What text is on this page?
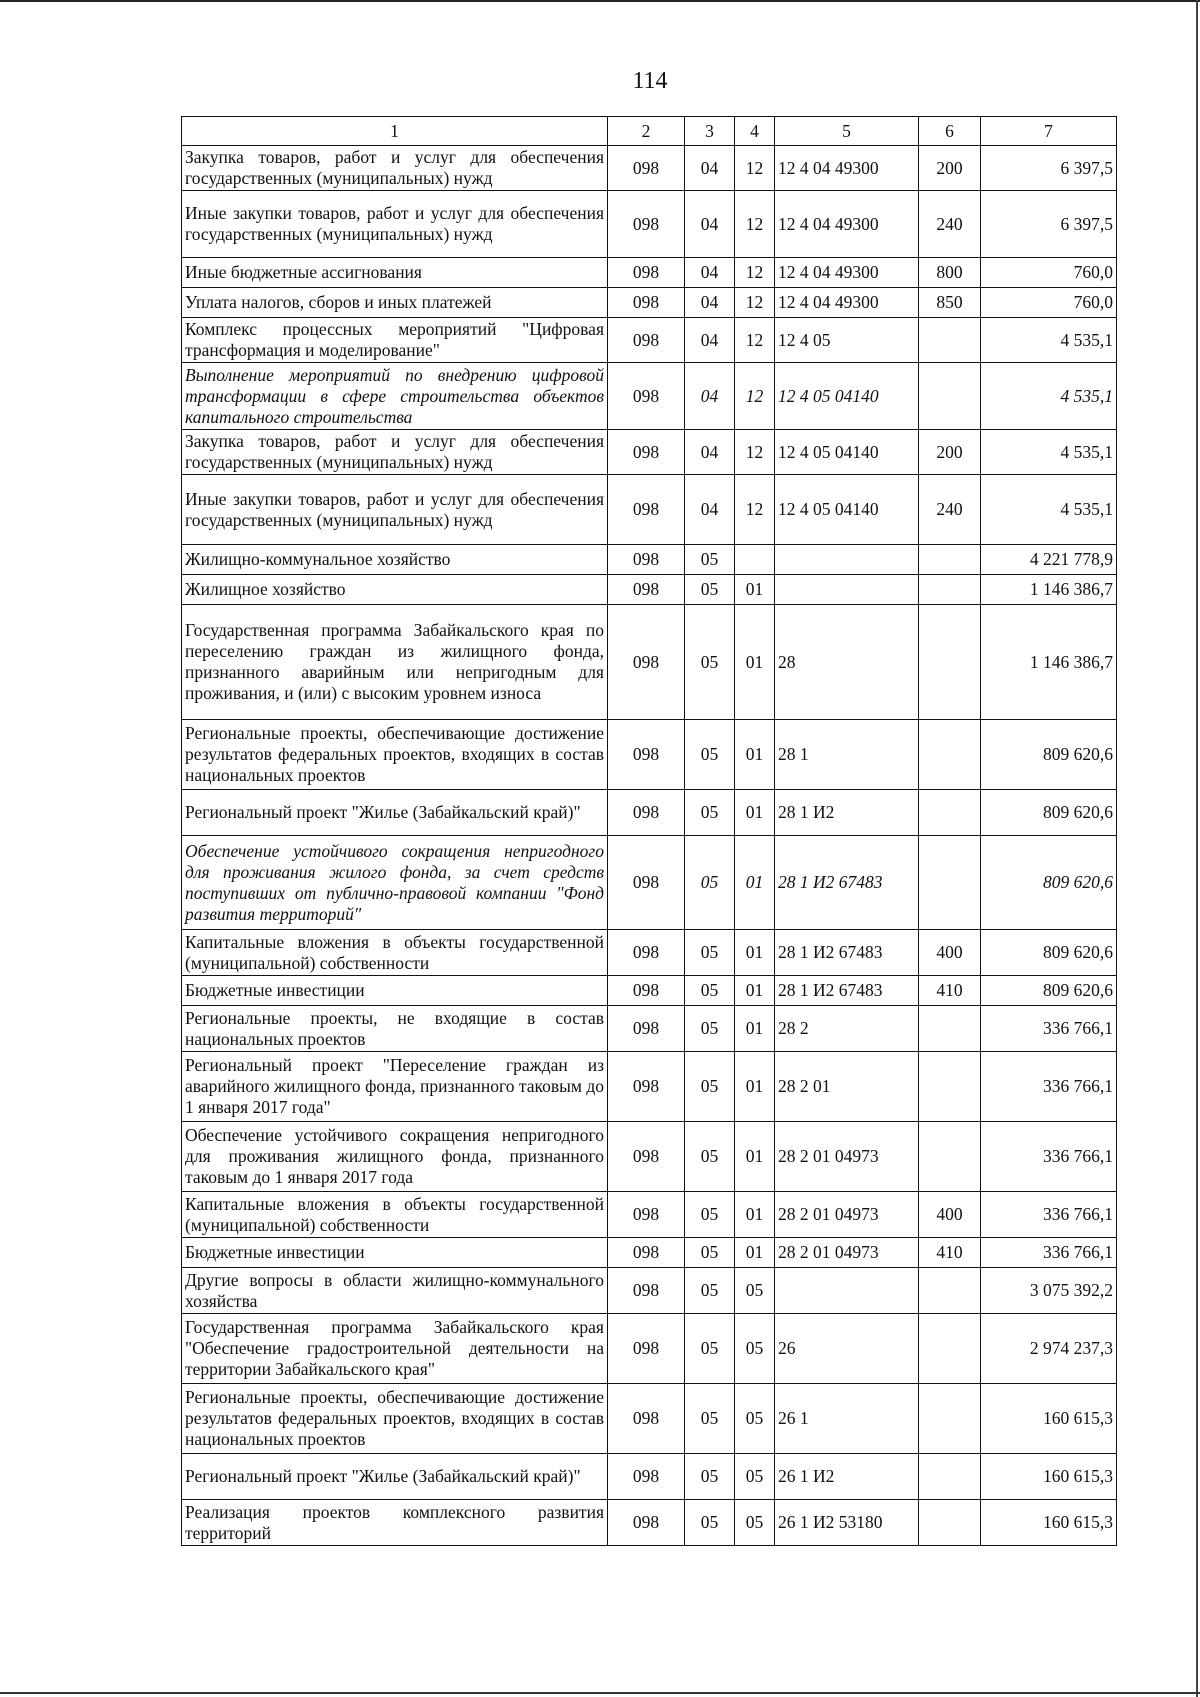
114
1	2	3	4	5	6	7
Закупка товаров, работ и услуг для обеспечения государственных (муниципальных) нужд	098	04	12	12 4 04 49300	200	6 397,5
Иные закупки товаров, работ и услуг для обеспечения государственных (муниципальных) нужд	098	04	12	12 4 04 49300	240	6 397,5
Иные бюджетные ассигнования	098	04	12	12 4 04 49300	800	760,0
Уплата налогов, сборов и иных платежей	098	04	12	12 4 04 49300	850	760,0
Комплекс процессных мероприятий "Цифровая трансформация и моделирование"	098	04	12	12 4 05		4 535,1
Выполнение мероприятий по внедрению цифровой трансформации в сфере строительства объектов капитального строительства	098	04	12	12 4 05 04140		4 535,1
Закупка товаров, работ и услуг для обеспечения государственных (муниципальных) нужд	098	04	12	12 4 05 04140	200	4 535,1
Иные закупки товаров, работ и услуг для обеспечения государственных (муниципальных) нужд	098	04	12	12 4 05 04140	240	4 535,1
Жилищно-коммунальное хозяйство	098	05				4 221 778,9
Жилищное хозяйство	098	05	01			1 146 386,7
Государственная программа Забайкальского края по переселению граждан из жилищного фонда, признанного аварийным или непригодным для проживания, и (или) с высоким уровнем износа	098	05	01	28		1 146 386,7
Региональные проекты, обеспечивающие достижение результатов федеральных проектов, входящих в состав национальных проектов	098	05	01	28 1		809 620,6
Региональный проект "Жилье (Забайкальский край)"	098	05	01	28 1 И2		809 620,6
Обеспечение устойчивого сокращения непригодного для проживания жилого фонда, за счет средств поступивших от публично-правовой компании "Фонд развития территорий"	098	05	01	28 1 И2 67483		809 620,6
Капитальные вложения в объекты государственной (муниципальной) собственности	098	05	01	28 1 И2 67483	400	809 620,6
Бюджетные инвестиции	098	05	01	28 1 И2 67483	410	809 620,6
Региональные проекты, не входящие в состав национальных проектов	098	05	01	28 2		336 766,1
Региональный проект "Переселение граждан из аварийного жилищного фонда, признанного таковым до 1 января 2017 года"	098	05	01	28 2 01		336 766,1
Обеспечение устойчивого сокращения непригодного для проживания жилищного фонда, признанного таковым до 1 января 2017 года	098	05	01	28 2 01 04973		336 766,1
Капитальные вложения в объекты государственной (муниципальной) собственности	098	05	01	28 2 01 04973	400	336 766,1
Бюджетные инвестиции	098	05	01	28 2 01 04973	410	336 766,1
Другие вопросы в области жилищно-коммунального хозяйства	098	05	05			3 075 392,2
Государственная программа Забайкальского края "Обеспечение градостроительной деятельности на территории Забайкальского края"	098	05	05	26		2 974 237,3
Региональные проекты, обеспечивающие достижение результатов федеральных проектов, входящих в состав национальных проектов	098	05	05	26 1		160 615,3
Региональный проект "Жилье (Забайкальский край)"	098	05	05	26 1 И2		160 615,3
Реализация проектов комплексного развития территорий	098	05	05	26 1 И2 53180		160 615,3
